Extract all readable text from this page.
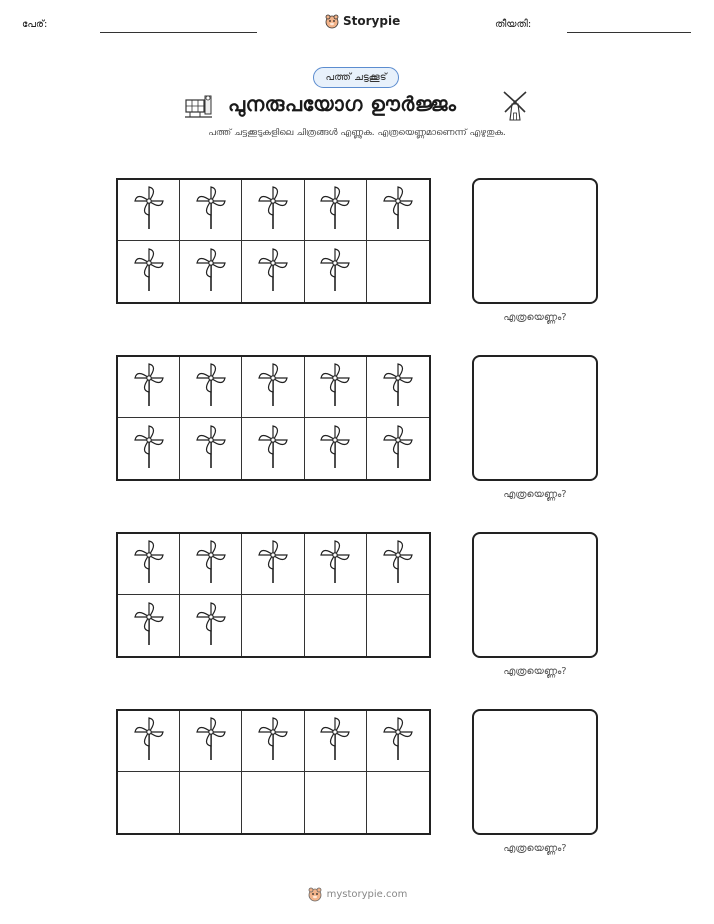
പേര്:	Storypie	തീയതി:
പത്ത് ചട്ടക്കൂട്
പുനരുപയോഗ ഊർജ്ജം
പത്ത് ചട്ടക്കൂടുകളിലെ ചിത്രങ്ങൾ എണ്ണുക. എത്രയെണ്ണമാണെന്ന് എഴുതുക.
എത്രയെണ്ണം?
എത്രയെണ്ണം?
എത്രയെണ്ണം?
എത്രയെണ്ണം?
mystorypie.com
